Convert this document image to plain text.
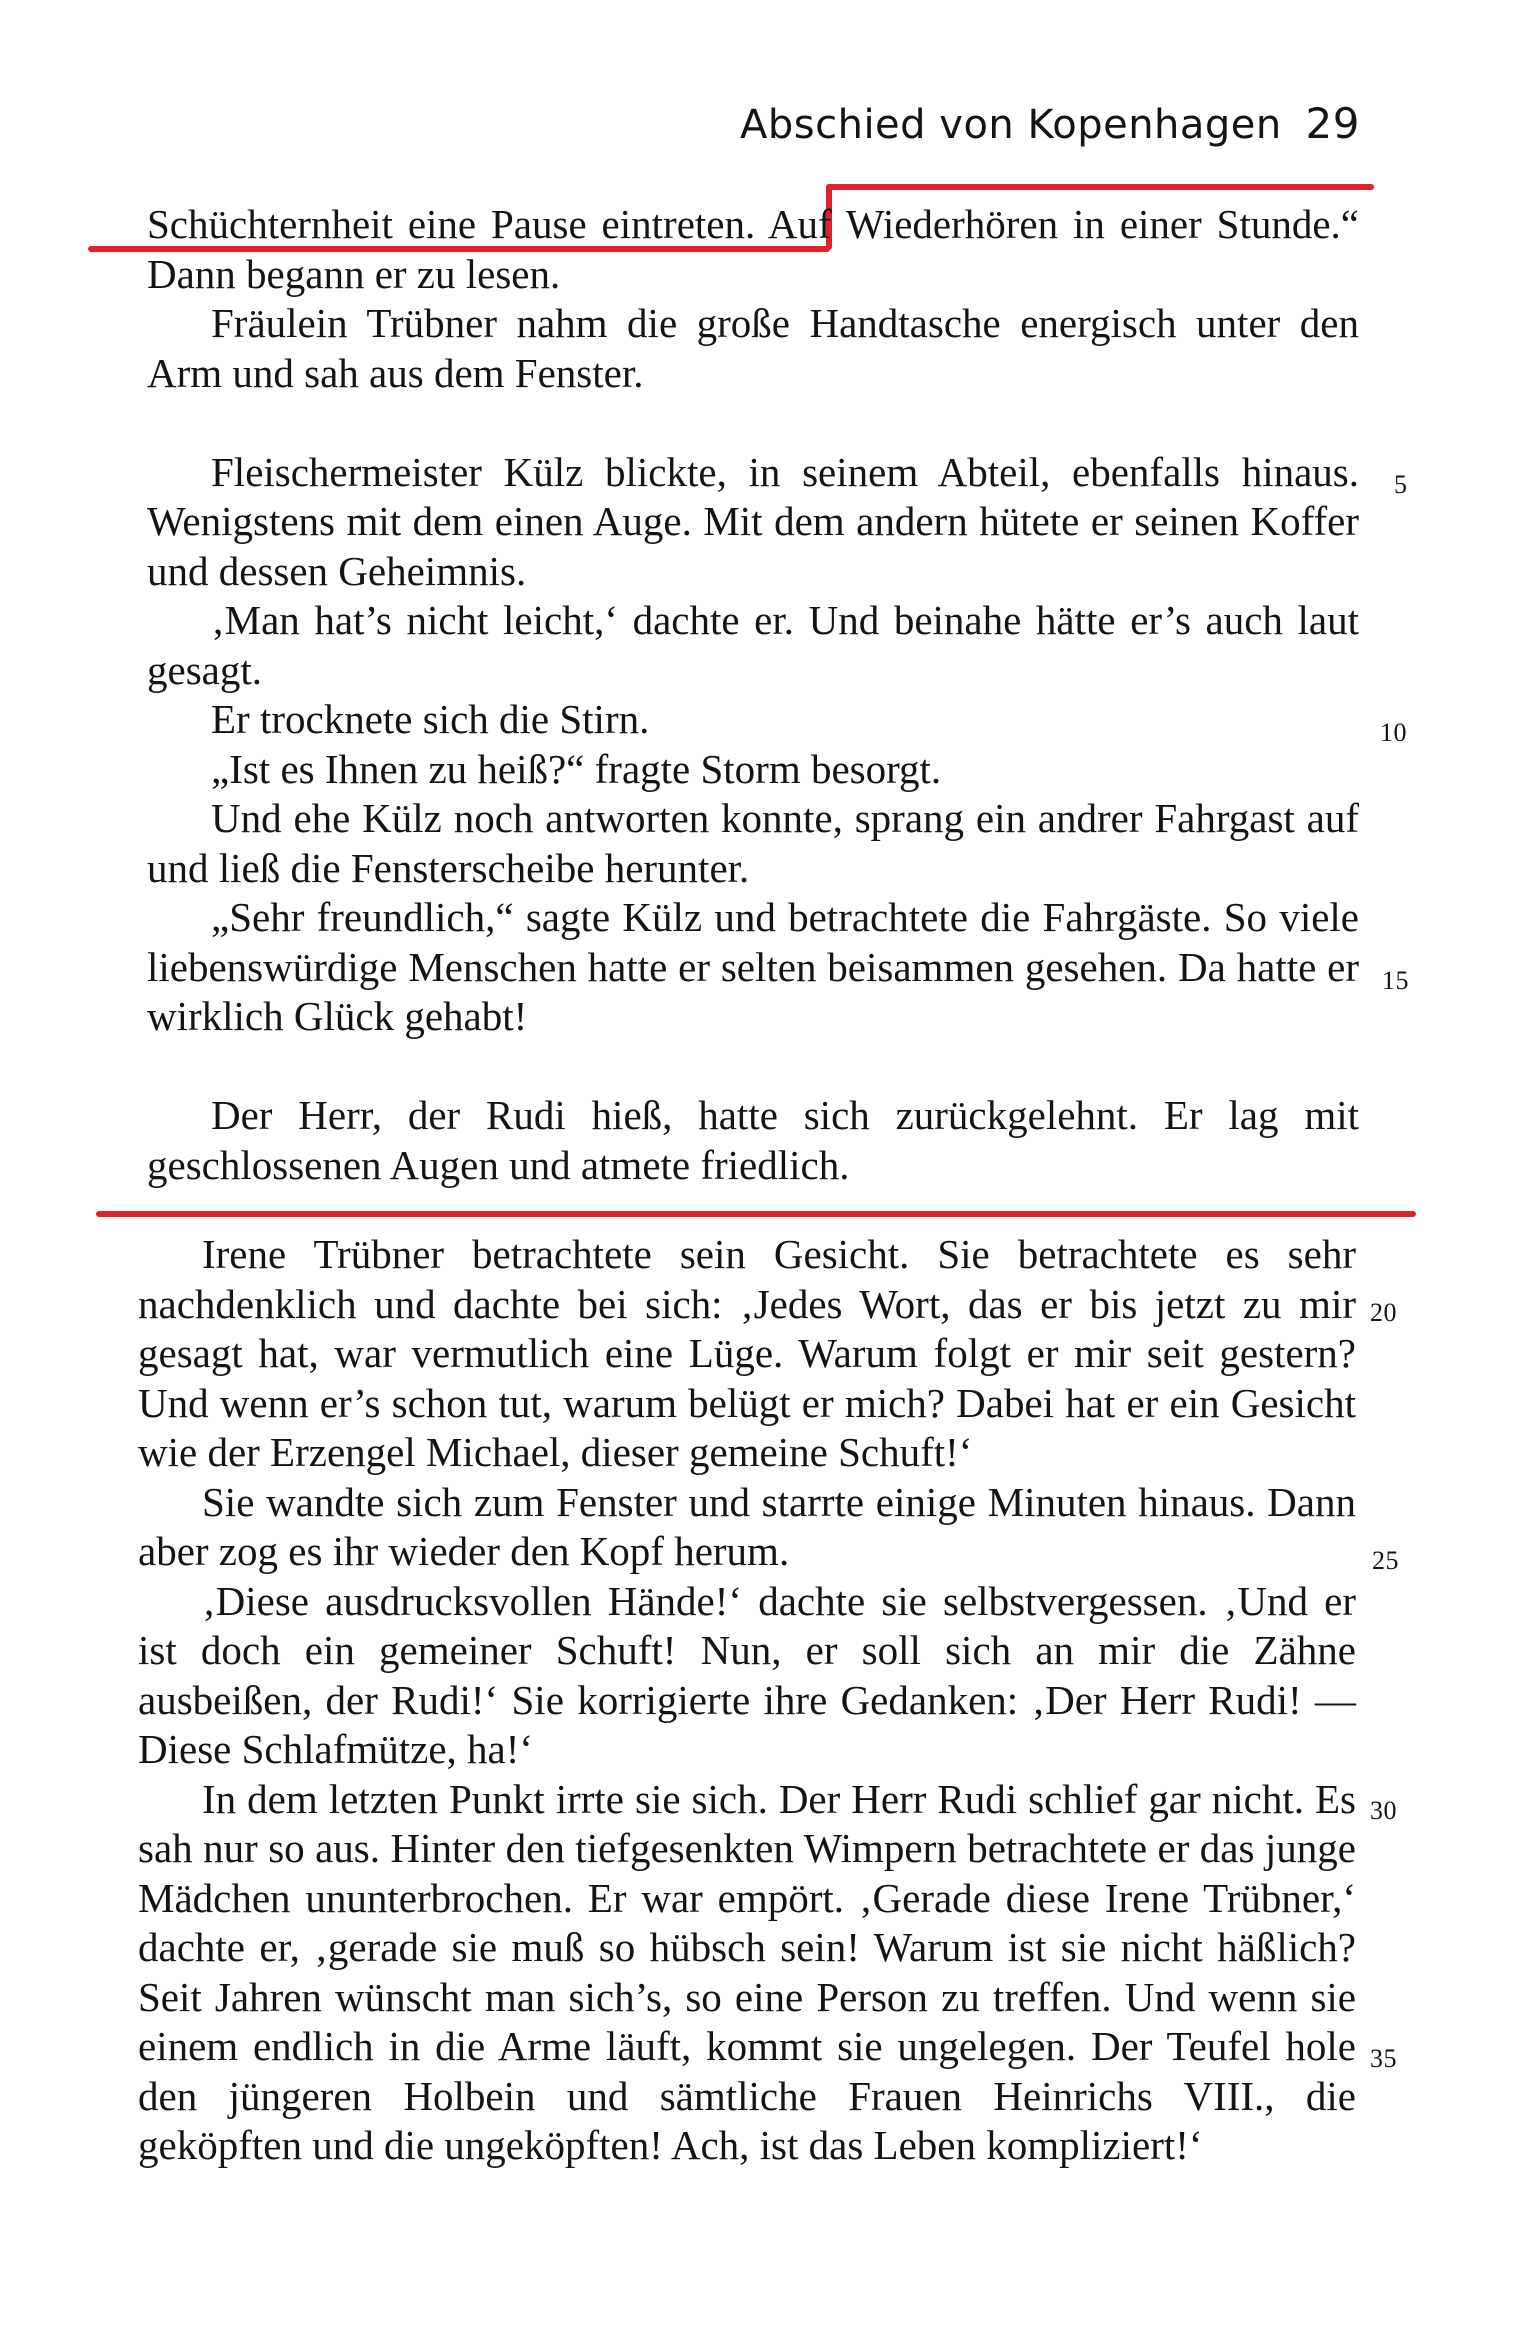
Abschied von Kopenhagen 29

Schüchternheit eine Pause eintreten. Auf Wiederhören in einer Stunde.“ Dann begann er zu lesen.

Fräulein Trübner nahm die große Handtasche energisch unter den Arm und sah aus dem Fenster.

Fleischermeister Külz blickte, in seinem Abteil, ebenfalls hinaus. Wenigstens mit dem einen Auge. Mit dem andern hütete er seinen Koffer und dessen Geheimnis.

‚Man hat’s nicht leicht,‘ dachte er. Und beinahe hätte er’s auch laut gesagt.

Er trocknete sich die Stirn.

„Ist es Ihnen zu heiß?“ fragte Storm besorgt.

Und ehe Külz noch antworten konnte, sprang ein andrer Fahrgast auf und ließ die Fensterscheibe herunter.

„Sehr freundlich,“ sagte Külz und betrachtete die Fahrgäste. So viele liebenswürdige Menschen hatte er selten beisammen gesehen. Da hatte er wirklich Glück gehabt!

Der Herr, der Rudi hieß, hatte sich zurückgelehnt. Er lag mit geschlossenen Augen und atmete friedlich.

Irene Trübner betrachtete sein Gesicht. Sie betrachtete es sehr nachdenklich und dachte bei sich: ‚Jedes Wort, das er bis jetzt zu mir gesagt hat, war vermutlich eine Lüge. Warum folgt er mir seit gestern? Und wenn er’s schon tut, warum belügt er mich? Dabei hat er ein Gesicht wie der Erzengel Michael, dieser gemeine Schuft!‘

Sie wandte sich zum Fenster und starrte einige Minuten hinaus. Dann aber zog es ihr wieder den Kopf herum.

‚Diese ausdrucksvollen Hände!‘ dachte sie selbstvergessen. ‚Und er ist doch ein gemeiner Schuft! Nun, er soll sich an mir die Zähne ausbeißen, der Rudi!‘ Sie korrigierte ihre Gedanken: ‚Der Herr Rudi! — Diese Schlafmütze, ha!‘

In dem letzten Punkt irrte sie sich. Der Herr Rudi schlief gar nicht. Es sah nur so aus. Hinter den tiefgesenkten Wimpern betrachtete er das junge Mädchen ununterbrochen. Er war empört. ‚Gerade diese Irene Trübner,‘ dachte er, ‚gerade sie muß so hübsch sein! Warum ist sie nicht häßlich? Seit Jahren wünscht man sich’s, so eine Person zu treffen. Und wenn sie einem endlich in die Arme läuft, kommt sie ungelegen. Der Teufel hole den jüngeren Holbein und sämtliche Frauen Heinrichs VIII., die geköpften und die ungeköpften! Ach, ist das Leben kompliziert!‘

5
10
15
20
25
30
35
